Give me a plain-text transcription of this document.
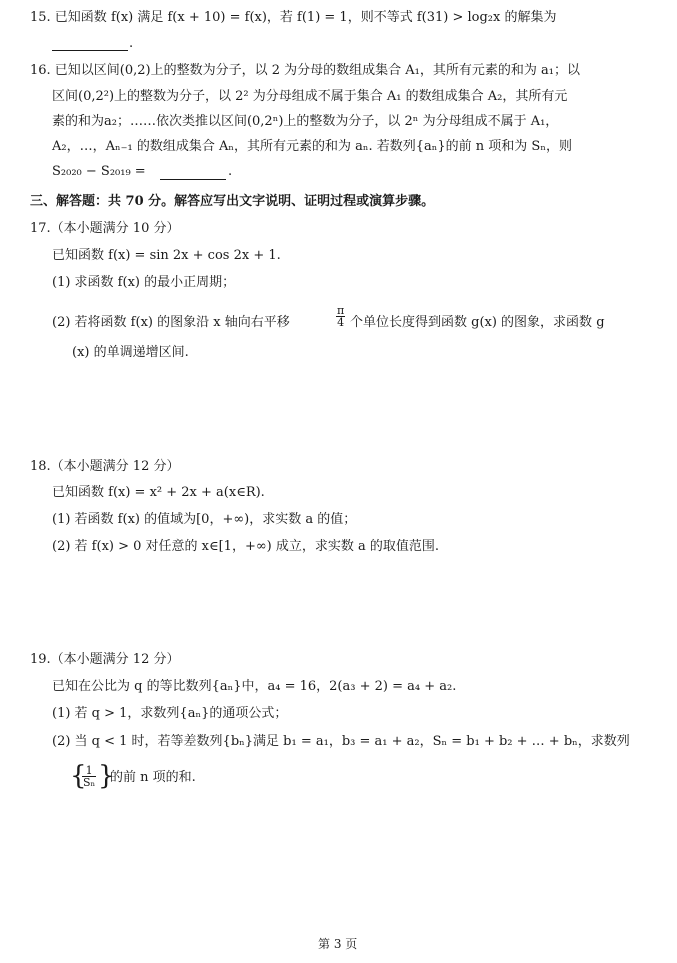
15. 已知函数 f(x) 满足 f(x + 10) = f(x)，若 f(1) = 1，则不等式 f(31) > log₂x 的解集为
.
16. 已知以区间(0,2)上的整数为分子，以 2 为分母的数组成集合 A₁，其所有元素的和为 a₁；以
区间(0,2²)上的整数为分子，以 2² 为分母组成不属于集合 A₁ 的数组成集合 A₂，其所有元
素的和为a₂；……依次类推以区间(0,2ⁿ)上的整数为分子，以 2ⁿ 为分母组成不属于 A₁，
A₂，…，Aₙ₋₁ 的数组成集合 Aₙ，其所有元素的和为 aₙ. 若数列{aₙ}的前 n 项和为 Sₙ，则
S₂₀₂₀ − S₂₀₁₉ =	.
三、解答题：共 70 分。解答应写出文字说明、证明过程或演算步骤。
17.（本小题满分 10 分）
已知函数 f(x) = sin 2x + cos 2x + 1.
(1) 求函数 f(x) 的最小正周期；
(2) 若将函数 f(x) 的图象沿 x 轴向右平移	$\frac{\pi}{4}$ 个单位长度得到函数 g(x) 的图象，求函数 g
(x) 的单调递增区间.
18.（本小题满分 12 分）
已知函数 f(x) = x² + 2x + a(x∈R).
(1) 若函数 f(x) 的值域为[0，+∞)，求实数 a 的值；
(2) 若 f(x) > 0 对任意的 x∈[1，+∞) 成立，求实数 a 的取值范围.
19.（本小题满分 12 分）
已知在公比为 q 的等比数列{aₙ}中，a₄ = 16，2(a₃ + 2) = a₄ + a₂.
(1) 若 q > 1，求数列{aₙ}的通项公式；
(2) 当 q < 1 时，若等差数列{bₙ}满足 b₁ = a₁，b₃ = a₁ + a₂，Sₙ = b₁ + b₂ + … + bₙ，求数列
{
$\frac{1}{\text{Sₙ}}$ }
的前 n 项的和.
第 3 页
